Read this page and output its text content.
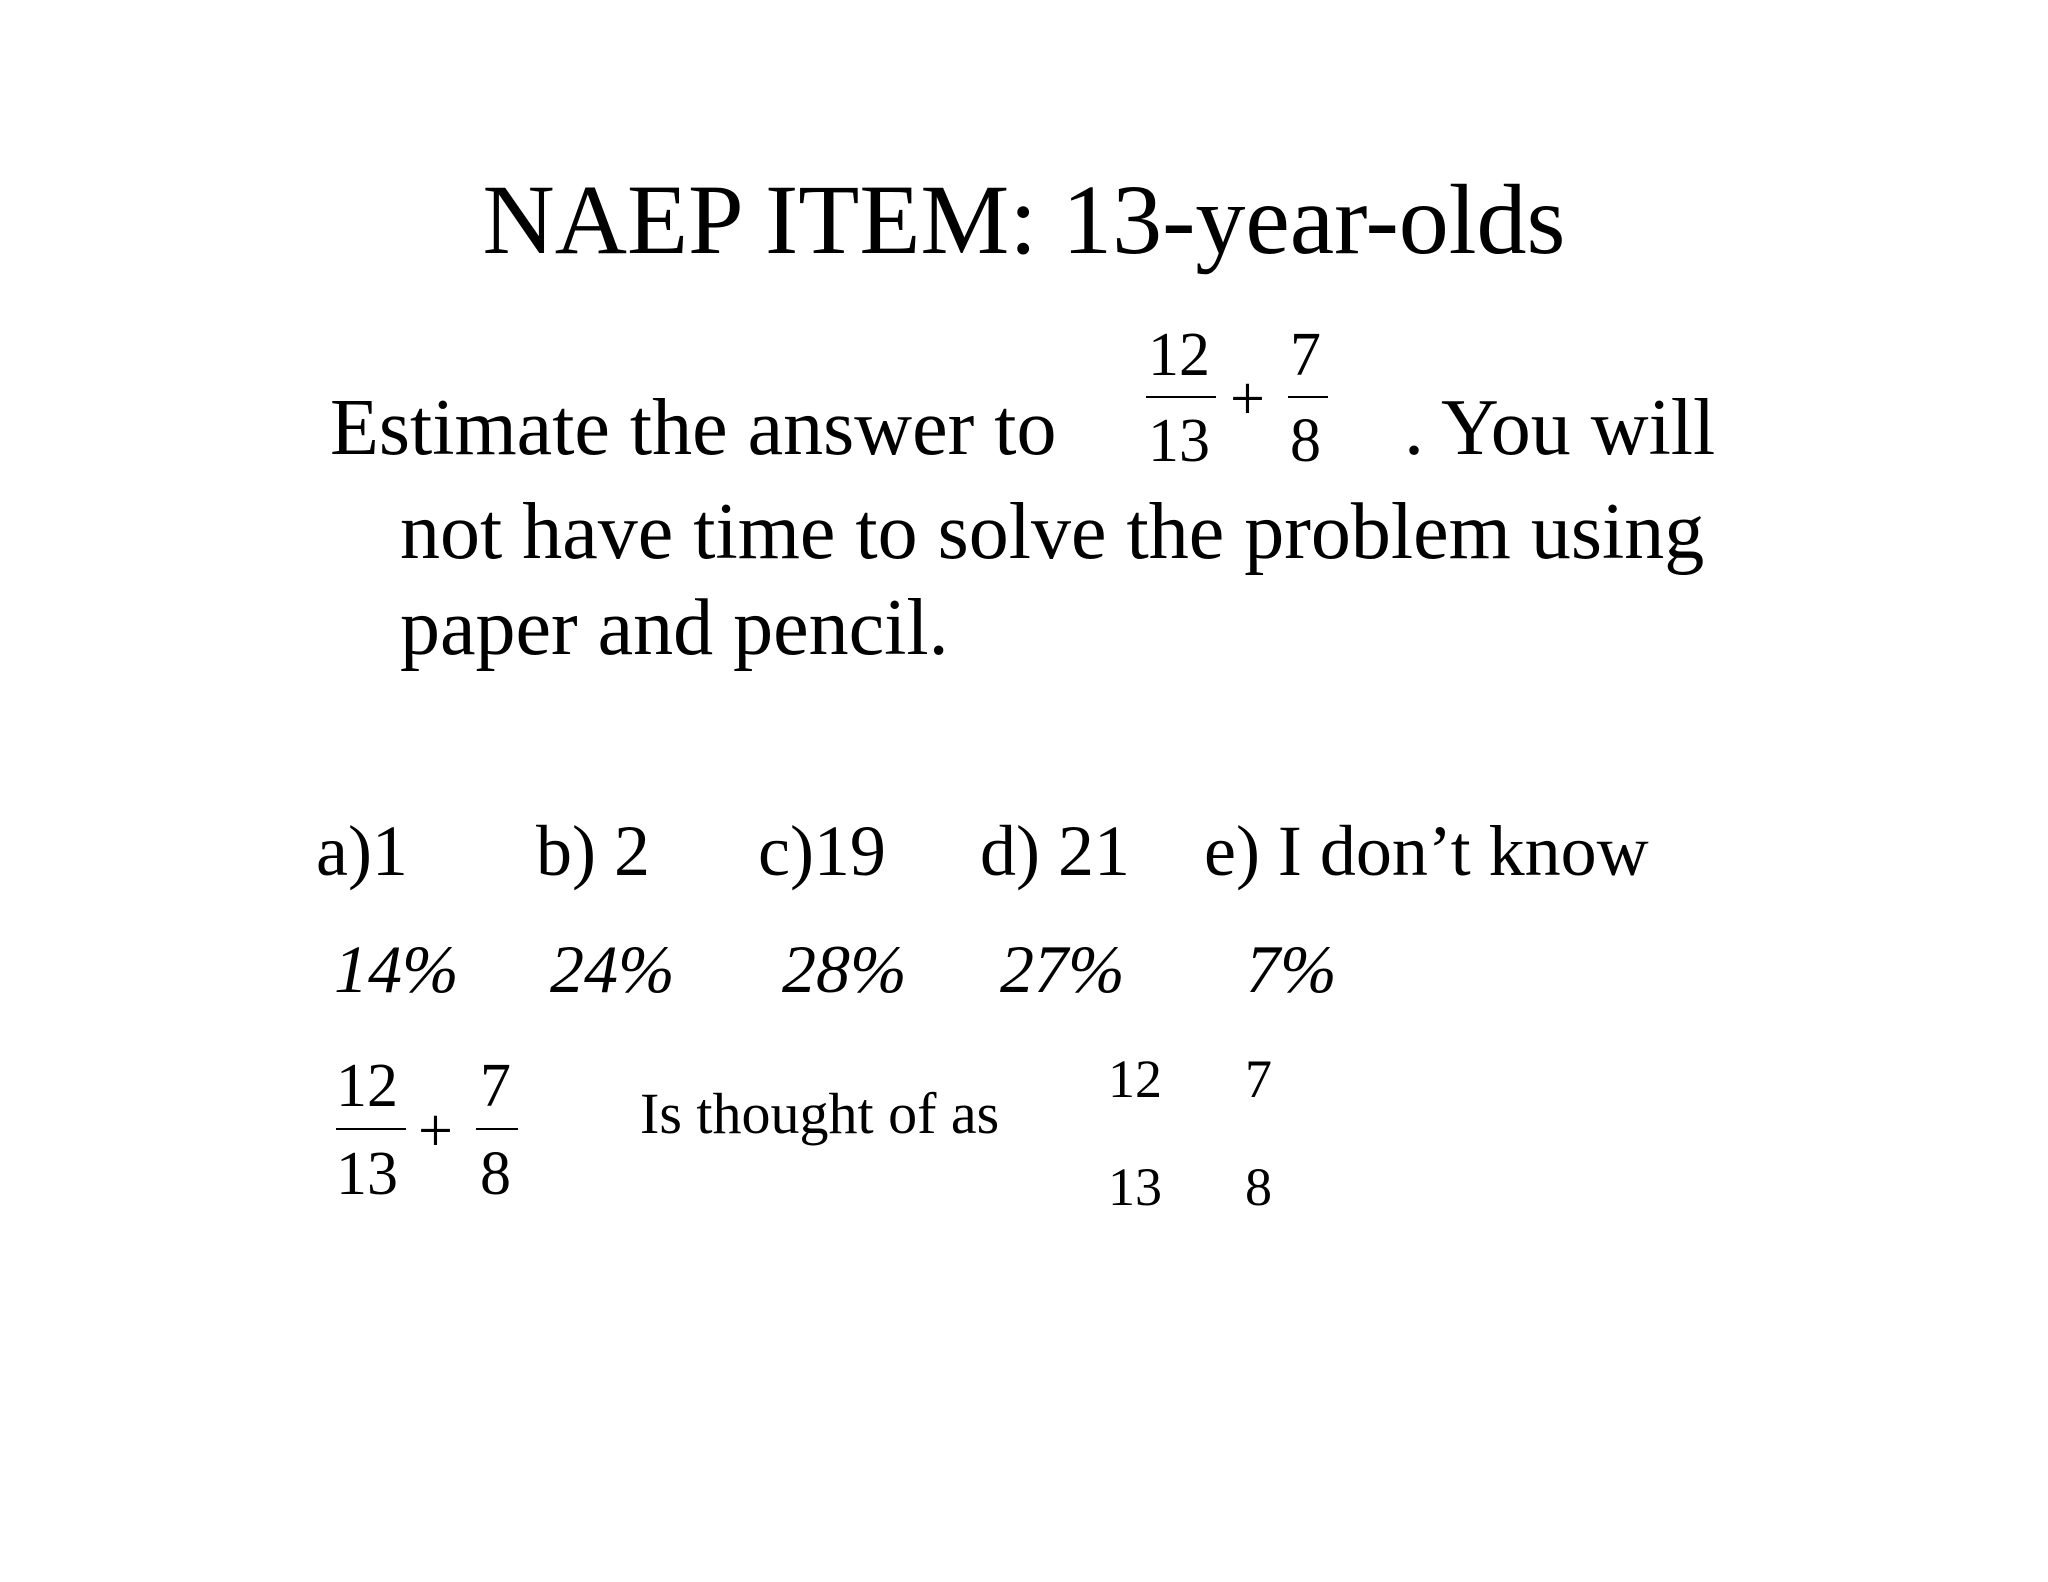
NAEP ITEM: 13-year-olds
Estimate the answer to
12
13
+
7
8 . You will
not have time to solve the problem using
paper and pencil.
a)1 b) 2 c)19 d) 21 e) I don’t know
14% 24% 28% 27% 7%
12
13
+
7
8
Is thought of as
12 7
13 8
